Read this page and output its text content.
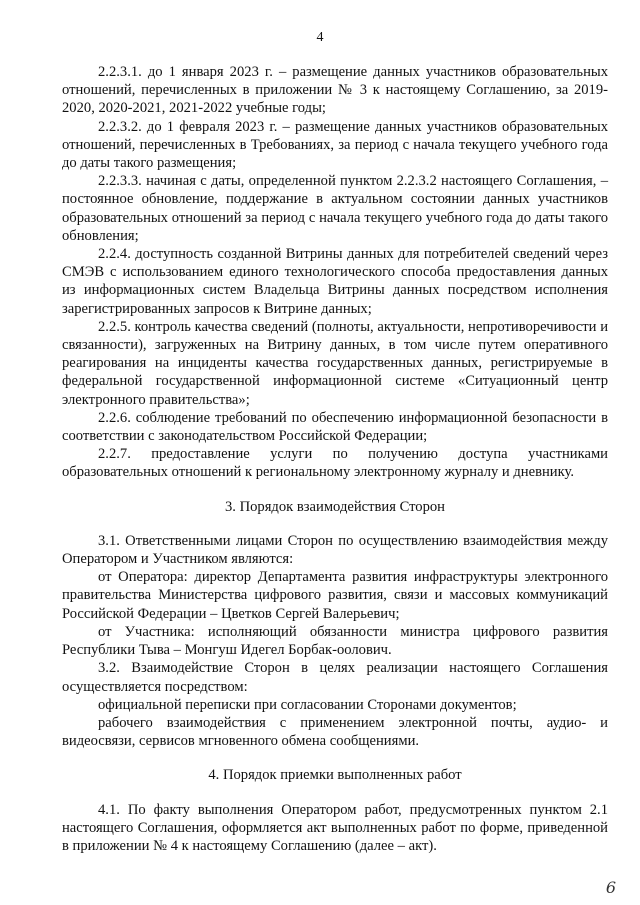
4

2.2.3.1. до 1 января 2023 г. – размещение данных участников образовательных отношений, перечисленных в приложении № 3 к настоящему Соглашению, за 2019-2020, 2020-2021, 2021-2022 учебные годы;

2.2.3.2. до 1 февраля 2023 г. – размещение данных участников образовательных отношений, перечисленных в Требованиях, за период с начала текущего учебного года до даты такого размещения;

2.2.3.3. начиная с даты, определенной пунктом 2.2.3.2 настоящего Соглашения, – постоянное обновление, поддержание в актуальном состоянии данных участников образовательных отношений за период с начала текущего учебного года до даты такого обновления;

2.2.4. доступность созданной Витрины данных для потребителей сведений через СМЭВ с использованием единого технологического способа предоставления данных из информационных систем Владельца Витрины данных посредством исполнения зарегистрированных запросов к Витрине данных;

2.2.5. контроль качества сведений (полноты, актуальности, непротиворечивости и связанности), загруженных на Витрину данных, в том числе путем оперативного реагирования на инциденты качества государственных данных, регистрируемые в федеральной государственной информационной системе «Ситуационный центр электронного правительства»;

2.2.6. соблюдение требований по обеспечению информационной безопасности в соответствии с законодательством Российской Федерации;

2.2.7. предоставление услуги по получению доступа участниками образовательных отношений к региональному электронному журналу и дневнику.

3. Порядок взаимодействия Сторон

3.1. Ответственными лицами Сторон по осуществлению взаимодействия между Оператором и Участником являются:

от Оператора: директор Департамента развития инфраструктуры электронного правительства Министерства цифрового развития, связи и массовых коммуникаций Российской Федерации – Цветков Сергей Валерьевич;

от Участника: исполняющий обязанности министра цифрового развития Республики Тыва – Монгуш Идегел Борбак-оолович.

3.2. Взаимодействие Сторон в целях реализации настоящего Соглашения осуществляется посредством:

официальной переписки при согласовании Сторонами документов;

рабочего взаимодействия с применением электронной почты, аудио- и видеосвязи, сервисов мгновенного обмена сообщениями.

4. Порядок приемки выполненных работ

4.1. По факту выполнения Оператором работ, предусмотренных пунктом 2.1 настоящего Соглашения, оформляется акт выполненных работ по форме, приведенной в приложении № 4 к настоящему Соглашению (далее – акт).

6
